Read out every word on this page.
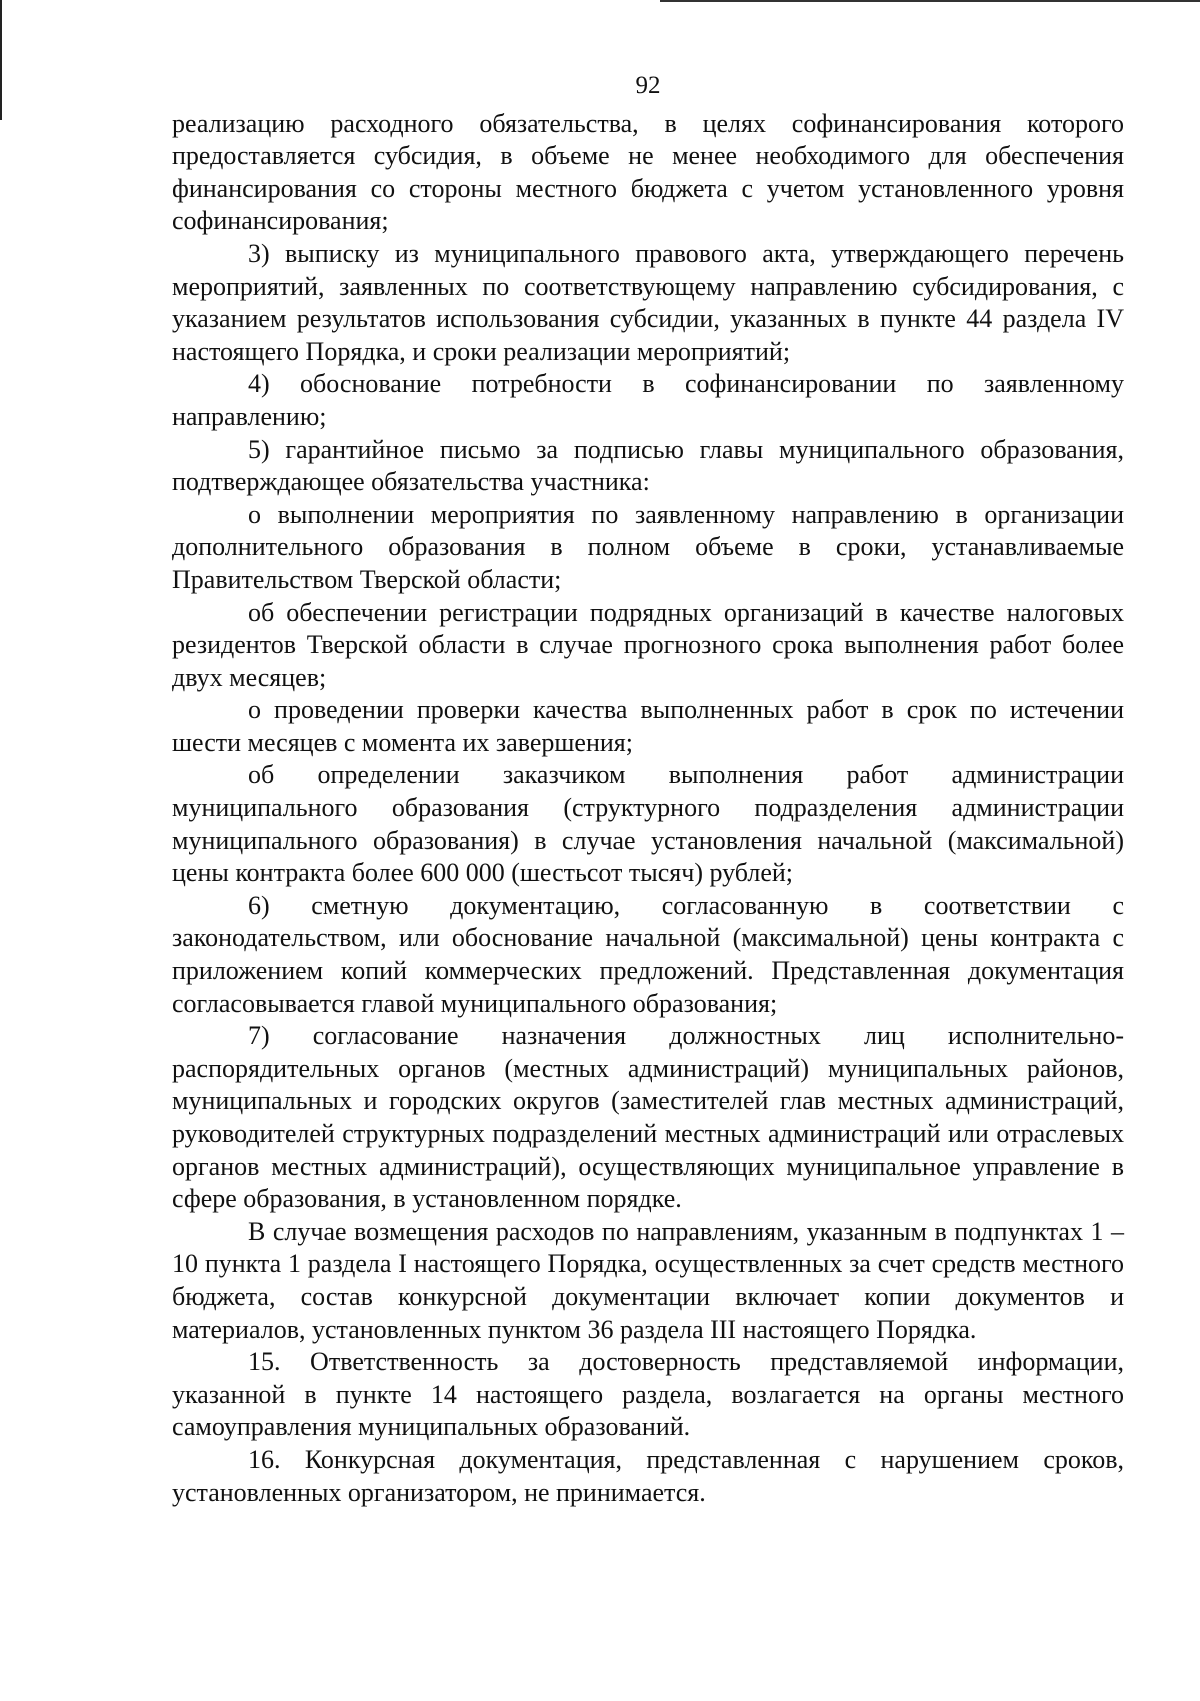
92

реализацию расходного обязательства, в целях софинансирования которого предоставляется субсидия, в объеме не менее необходимого для обеспечения финансирования со стороны местного бюджета с учетом установленного уровня софинансирования;

3) выписку из муниципального правового акта, утверждающего перечень мероприятий, заявленных по соответствующему направлению субсидирования, с указанием результатов использования субсидии, указанных в пункте 44 раздела IV настоящего Порядка, и сроки реализации мероприятий;

4) обоснование потребности в софинансировании по заявленному направлению;

5) гарантийное письмо за подписью главы муниципального образования, подтверждающее обязательства участника:

о выполнении мероприятия по заявленному направлению в организации дополнительного образования в полном объеме в сроки, устанавливаемые Правительством Тверской области;

об обеспечении регистрации подрядных организаций в качестве налоговых резидентов Тверской области в случае прогнозного срока выполнения работ более двух месяцев;

о проведении проверки качества выполненных работ в срок по истечении шести месяцев с момента их завершения;

об определении заказчиком выполнения работ администрации муниципального образования (структурного подразделения администрации муниципального образования) в случае установления начальной (максимальной) цены контракта более 600 000 (шестьсот тысяч) рублей;

6) сметную документацию, согласованную в соответствии с законодательством, или обоснование начальной (максимальной) цены контракта с приложением копий коммерческих предложений. Представленная документация согласовывается главой муниципального образования;

7) согласование назначения должностных лиц исполнительно-распорядительных органов (местных администраций) муниципальных районов, муниципальных и городских округов (заместителей глав местных администраций, руководителей структурных подразделений местных администраций или отраслевых органов местных администраций), осуществляющих муниципальное управление в сфере образования, в установленном порядке.

В случае возмещения расходов по направлениям, указанным в подпунктах 1 – 10 пункта 1 раздела I настоящего Порядка, осуществленных за счет средств местного бюджета, состав конкурсной документации включает копии документов и материалов, установленных пунктом 36 раздела III настоящего Порядка.

15. Ответственность за достоверность представляемой информации, указанной в пункте 14 настоящего раздела, возлагается на органы местного самоуправления муниципальных образований.

16. Конкурсная документация, представленная с нарушением сроков, установленных организатором, не принимается.
